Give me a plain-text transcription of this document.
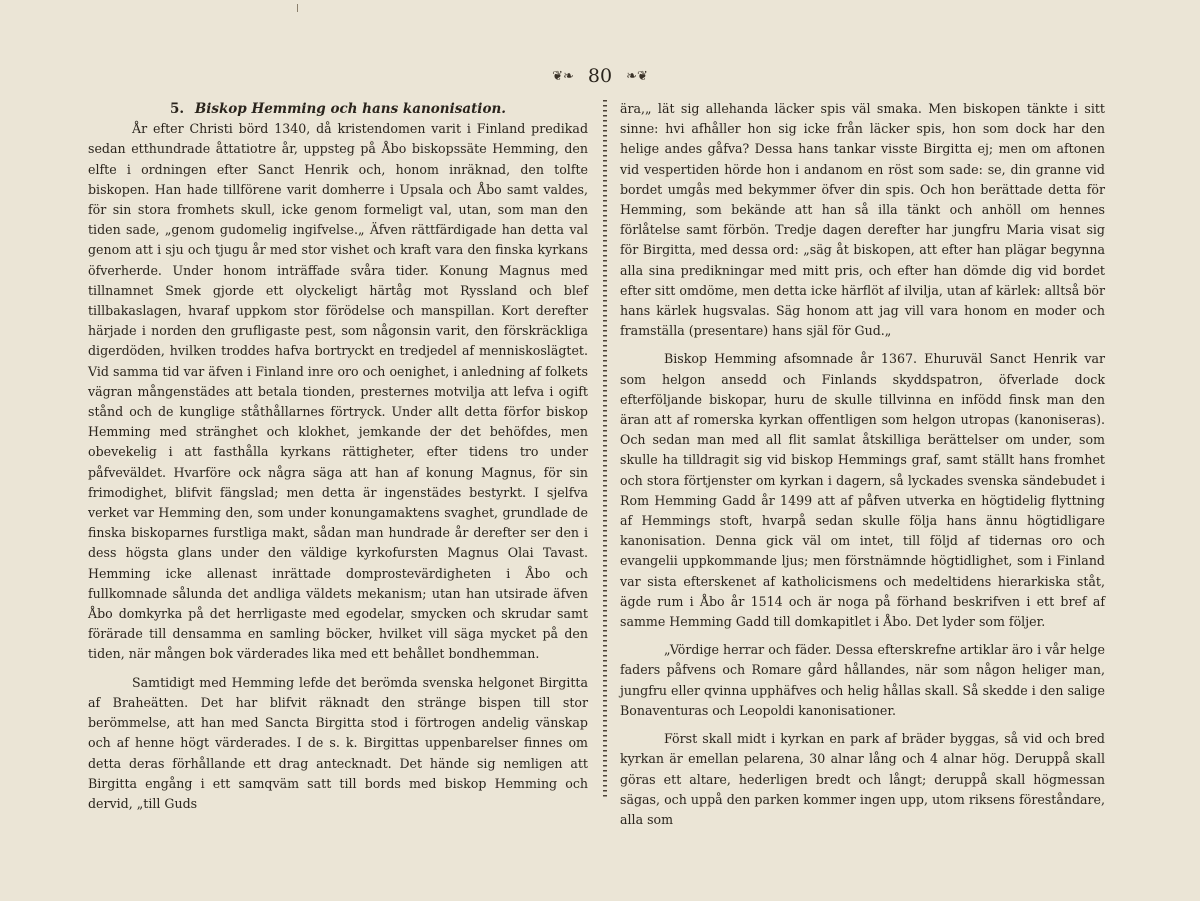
❦❧ 80 ❧❦

5. Biskop Hemming och hans kanonisation.

År efter Christi börd 1340, då kristendomen varit i Finland predikad sedan etthundrade åttatiotre år, uppsteg på Åbo biskopssäte Hemming, den elfte i ordningen efter Sanct Henrik och, honom inräknad, den tolfte biskopen. Han hade tillförene varit domherre i Upsala och Åbo samt valdes, för sin stora fromhets skull, icke genom formeligt val, utan, som man den tiden sade, „genom gudomelig ingifvelse.„ Äfven rättfärdigade han detta val genom att i sju och tjugu år med stor vishet och kraft vara den finska kyrkans öfverherde. Under honom inträffade svåra tider. Konung Magnus med tillnamnet Smek gjorde ett olyckeligt härtåg mot Ryssland och blef tillbakaslagen, hvaraf uppkom stor förödelse och manspillan. Kort derefter härjade i norden den grufligaste pest, som någonsin varit, den förskräckliga digerdöden, hvilken troddes hafva bortryckt en tredjedel af menniskoslägtet. Vid samma tid var äfven i Finland inre oro och oenighet, i anledning af folkets vägran mångenstädes att betala tionden, presternes motvilja att lefva i ogift stånd och de kunglige ståthållarnes förtryck. Under allt detta förfor biskop Hemming med stränghet och klokhet, jemkande der det behöfdes, men obevekelig i att fasthålla kyrkans rättigheter, efter tidens tro under påfveväldet. Hvarföre ock några säga att han af konung Magnus, för sin frimodighet, blifvit fängslad; men detta är ingenstädes bestyrkt. I sjelfva verket var Hemming den, som under konungamaktens svaghet, grundlade de finska biskoparnes furstliga makt, sådan man hundrade år derefter ser den i dess högsta glans under den väldige kyrkofursten Magnus Olai Tavast. Hemming icke allenast inrättade domprostevärdigheten i Åbo och fullkomnade sålunda det andliga väldets mekanism; utan han utsirade äfven Åbo domkyrka på det herrligaste med egodelar, smycken och skrudar samt förärade till densamma en samling böcker, hvilket vill säga mycket på den tiden, när mången bok värderades lika med ett behållet bondhemman.

Samtidigt med Hemming lefde det berömda svenska helgonet Birgitta af Braheätten. Det har blifvit räknadt den stränge bispen till stor berömmelse, att han med Sancta Birgitta stod i förtrogen andelig vänskap och af henne högt värderades. I de s. k. Birgittas uppenbarelser finnes om detta deras förhållande ett drag antecknadt. Det hände sig nemligen att Birgitta engång i ett samqväm satt till bords med biskop Hemming och dervid, „till Guds

ära,„ lät sig allehanda läcker spis väl smaka. Men biskopen tänkte i sitt sinne: hvi afhåller hon sig icke från läcker spis, hon som dock har den helige andes gåfva? Dessa hans tankar visste Birgitta ej; men om aftonen vid vespertiden hörde hon i andanom en röst som sade: se, din granne vid bordet umgås med bekymmer öfver din spis. Och hon berättade detta för Hemming, som bekände att han så illa tänkt och anhöll om hennes förlåtelse samt förbön. Tredje dagen derefter har jungfru Maria visat sig för Birgitta, med dessa ord: „säg åt biskopen, att efter han plägar begynna alla sina predikningar med mitt pris, och efter han dömde dig vid bordet efter sitt omdöme, men detta icke härflöt af ilvilja, utan af kärlek: alltså bör hans kärlek hugsvalas. Säg honom att jag vill vara honom en moder och framställa (presentare) hans själ för Gud.„

Biskop Hemming afsomnade år 1367. Ehuruväl Sanct Henrik var som helgon ansedd och Finlands skyddspatron, öfverlade dock efterföljande biskopar, huru de skulle tillvinna en infödd finsk man den äran att af romerska kyrkan offentligen som helgon utropas (kanoniseras). Och sedan man med all flit samlat åtskilliga berättelser om under, som skulle ha tilldragit sig vid biskop Hemmings graf, samt ställt hans fromhet och stora förtjenster om kyrkan i dagern, så lyckades svenska sändebudet i Rom Hemming Gadd år 1499 att af påfven utverka en högtidelig flyttning af Hemmings stoft, hvarpå sedan skulle följa hans ännu högtidligare kanonisation. Denna gick väl om intet, till följd af tidernas oro och evangelii uppkommande ljus; men förstnämnde högtidlighet, som i Finland var sista efterskenet af katholicismens och medeltidens hierarkiska ståt, ägde rum i Åbo år 1514 och är noga på förhand beskrifven i ett bref af samme Hemming Gadd till domkapitlet i Åbo. Det lyder som följer.

„Vördige herrar och fäder. Dessa efterskrefne artiklar äro i vår helge faders påfvens och Romare gård hållandes, när som någon heliger man, jungfru eller qvinna upphäfves och helig hållas skall. Så skedde i den salige Bonaventuras och Leopoldi kanonisationer.

Först skall midt i kyrkan en park af bräder byggas, så vid och bred kyrkan är emellan pelarena, 30 alnar lång och 4 alnar hög. Deruppå skall göras ett altare, hederligen bredt och långt; deruppå skall högmessan sägas, och uppå den parken kommer ingen upp, utom riksens föreståndare, alla som
